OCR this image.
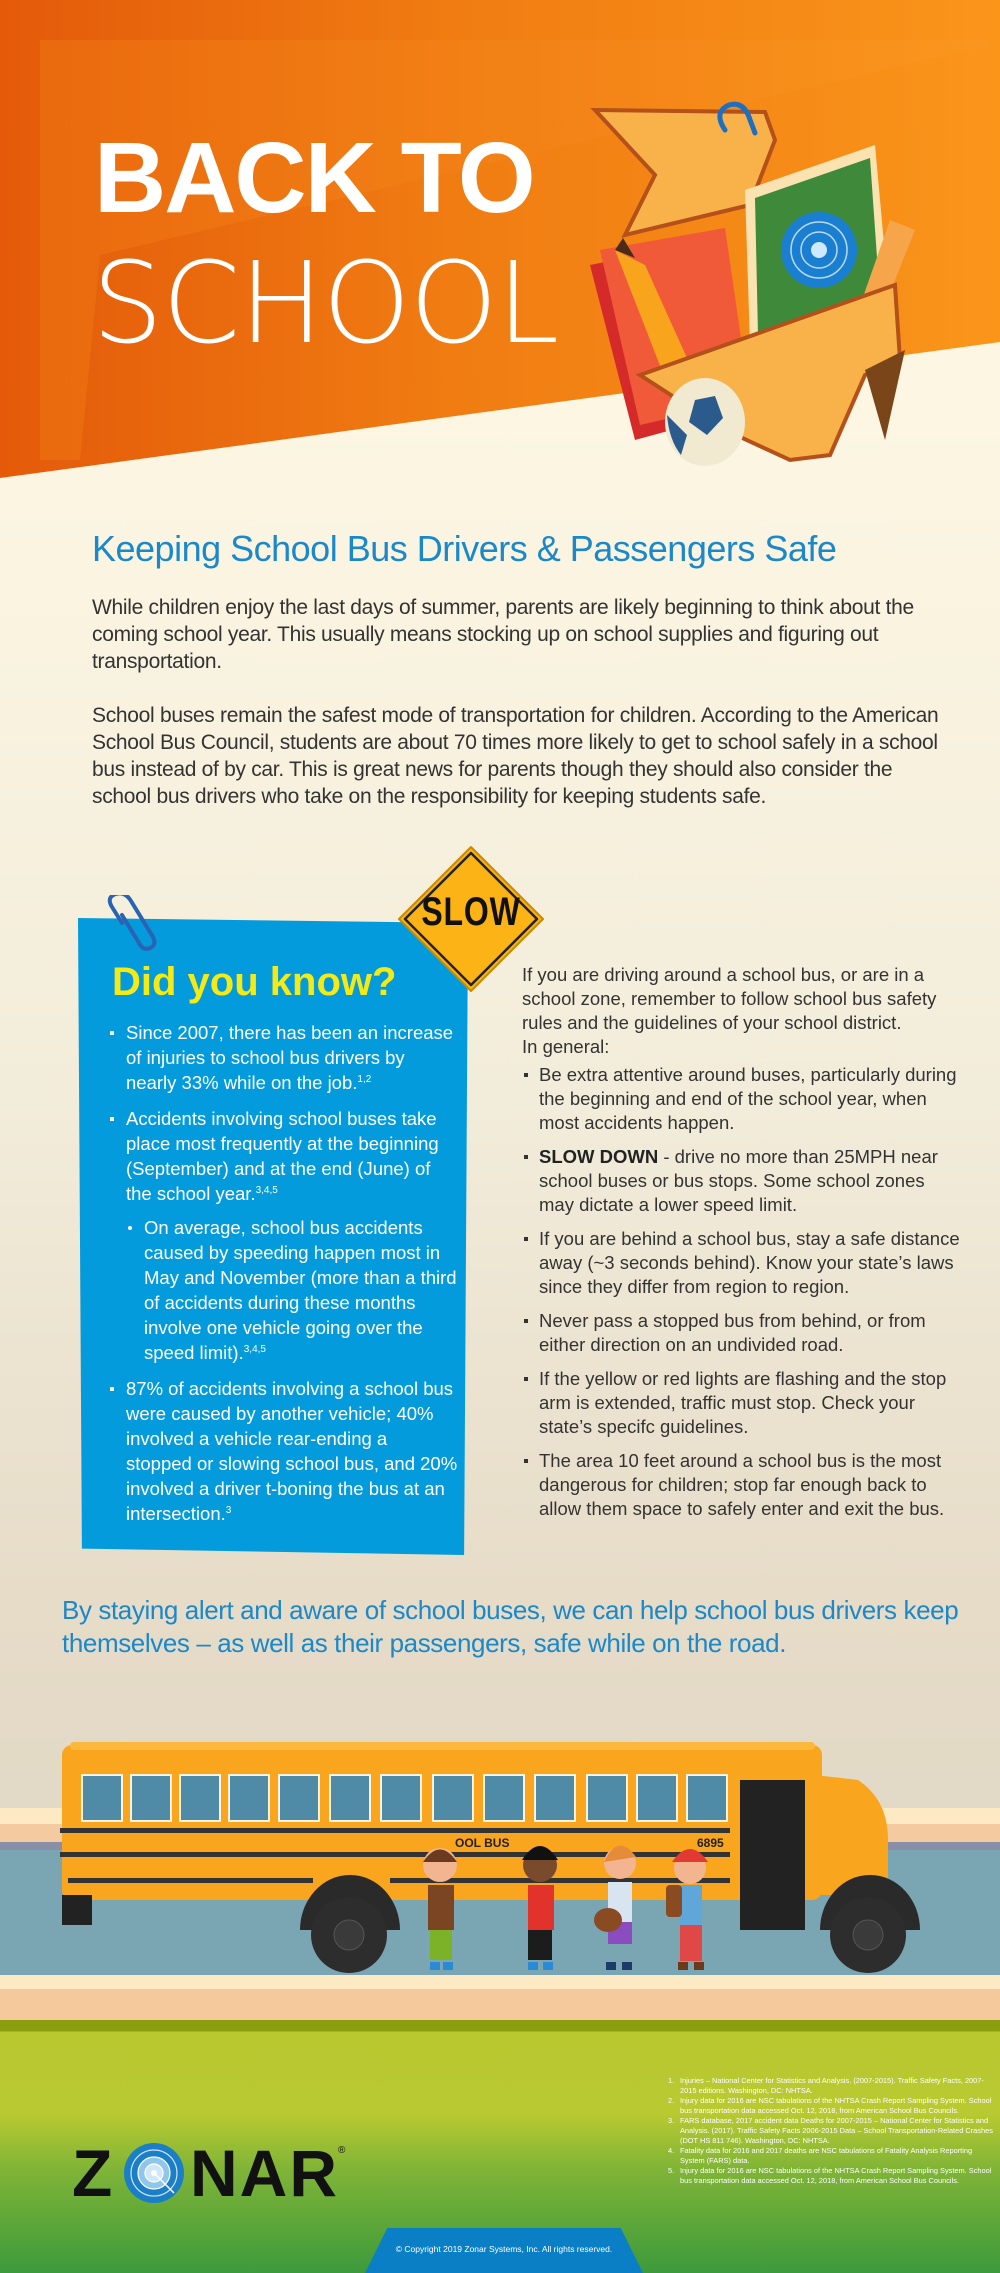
BACK TO
SCHOOL
Keeping School Bus Drivers & Passengers Safe

While children enjoy the last days of summer, parents are likely beginning to think about the coming school year. This usually means stocking up on school supplies and figuring out transportation.

School buses remain the safest mode of transportation for children. According to the American School Bus Council, students are about 70 times more likely to get to school safely in a school bus instead of by car. This is great news for parents though they should also consider the school bus drivers who take on the responsibility for keeping students safe.

Did you know?
Since 2007, there has been an increase of injuries to school bus drivers by nearly 33% while on the job.$^{1,2}$
Accidents involving school buses take place most frequently at the beginning (September) and at the end (June) of the school year.$^{3,4,5}$
On average, school bus accidents caused by speeding happen most in May and November (more than a third of accidents during these months involve one vehicle going over the speed limit).$^{3,4,5}$
87% of accidents involving a school bus were caused by another vehicle; 40% involved a vehicle rear-ending a stopped or slowing school bus, and 20% involved a driver t-boning the bus at an intersection.$^3$
SLOW
If you are driving around a school bus, or are in a school zone, remember to follow school bus safety rules and the guidelines of your school district.
In general:
Be extra attentive around buses, particularly during the beginning and end of the school year, when most accidents happen.
SLOW DOWN - drive no more than 25MPH near school buses or bus stops. Some school zones may dictate a lower speed limit.
If you are behind a school bus, stay a safe distance away (~3 seconds behind). Know your state’s laws since they differ from region to region.
Never pass a stopped bus from behind, or from either direction on an undivided road.
If the yellow or red lights are flashing and the stop arm is extended, traffic must stop. Check your state’s specifc guidelines.
The area 10 feet around a school bus is the most dangerous for children; stop far enough back to allow them space to safely enter and exit the bus.

By staying alert and aware of school buses, we can help school bus drivers keep themselves – as well as their passengers, safe while on the road.

OOL BUS	6895
Z NAR ®
1. Injuries – National Center for Statistics and Analysis. (2007-2015). Traffic Safety Facts, 2007-2015 editions. Washington, DC: NHTSA.
2. Injury data for 2016 are NSC tabulations of the NHTSA Crash Report Sampling System. School bus transportation data accessed Oct. 12, 2018, from American School Bus Councils.
3. FARS database, 2017 accident data Deaths for 2007-2015 – National Center for Statistics and Analysis. (2017). Traffic Safety Facts 2006-2015 Data – School Transportation-Related Crashes (DOT HS 811 746). Washington, DC: NHTSA.
4. Fatality data for 2016 and 2017 deaths are NSC tabulations of Fatality Analysis Reporting System (FARS) data.
5. Injury data for 2016 are NSC tabulations of the NHTSA Crash Report Sampling System. School bus transportation data accessed Oct. 12, 2018, from American School Bus Councils.
© Copyright 2019 Zonar Systems, Inc. All rights reserved.
